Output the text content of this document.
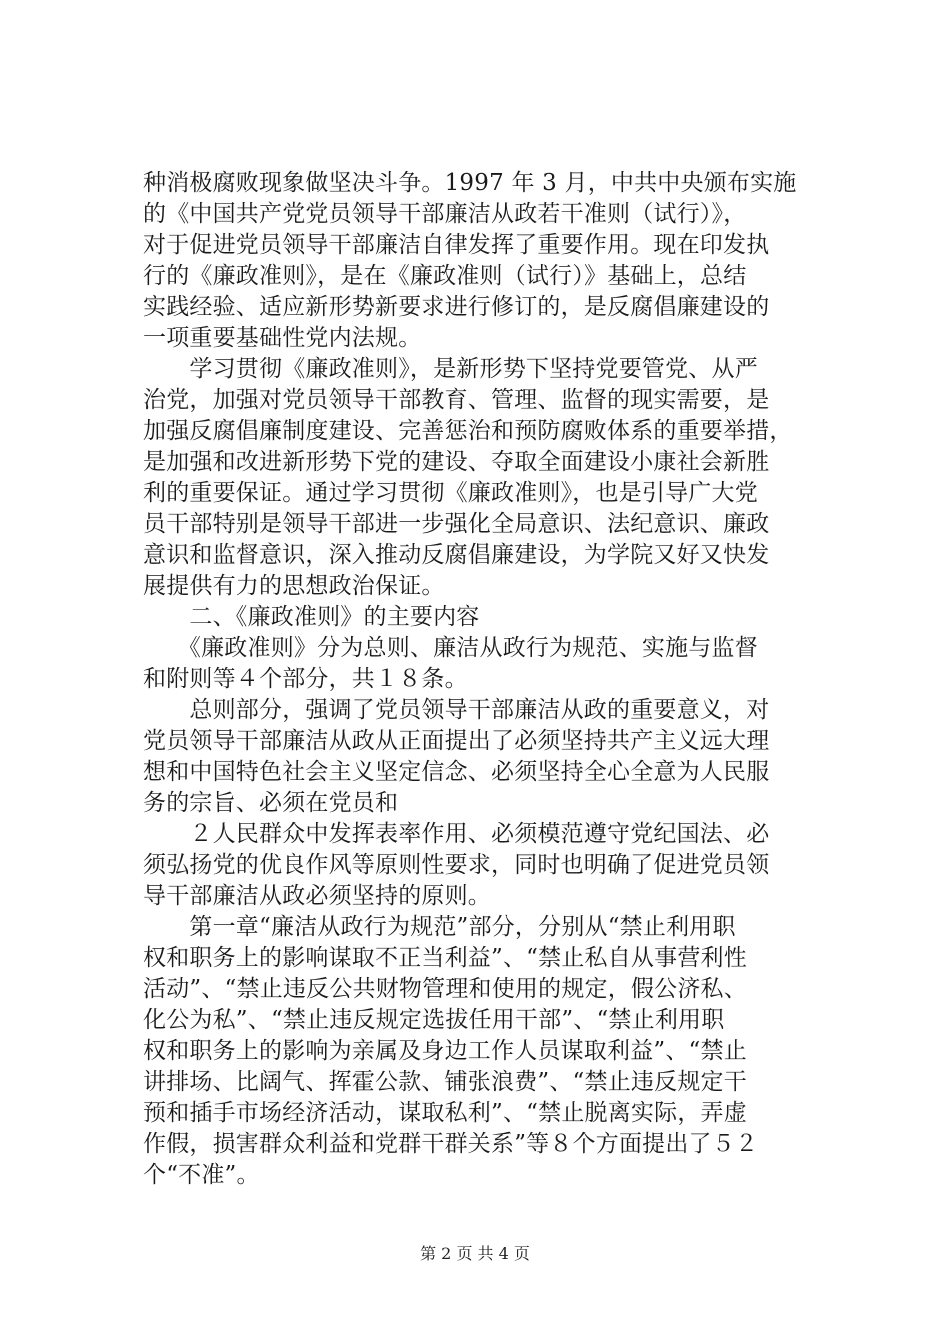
种消极腐败现象做坚决斗争。1997 年 3 月，中共中央颁布实施
的《中国共产党党员领导干部廉洁从政若干准则（试行）》，
对于促进党员领导干部廉洁自律发挥了重要作用。现在印发执
行的《廉政准则》，是在《廉政准则（试行）》基础上，总结
实践经验、适应新形势新要求进行修订的，是反腐倡廉建设的
一项重要基础性党内法规。
　　学习贯彻《廉政准则》，是新形势下坚持党要管党、从严
治党，加强对党员领导干部教育、管理、监督的现实需要，是
加强反腐倡廉制度建设、完善惩治和预防腐败体系的重要举措，
是加强和改进新形势下党的建设、夺取全面建设小康社会新胜
利的重要保证。通过学习贯彻《廉政准则》，也是引导广大党
员干部特别是领导干部进一步强化全局意识、法纪意识、廉政
意识和监督意识，深入推动反腐倡廉建设，为学院又好又快发
展提供有力的思想政治保证。
　　二、《廉政准则》的主要内容
　　《廉政准则》分为总则、廉洁从政行为规范、实施与监督
和附则等４个部分，共１８条。
　　总则部分，强调了党员领导干部廉洁从政的重要意义，对
党员领导干部廉洁从政从正面提出了必须坚持共产主义远大理
想和中国特色社会主义坚定信念、必须坚持全心全意为人民服
务的宗旨、必须在党员和
　　２人民群众中发挥表率作用、必须模范遵守党纪国法、必
须弘扬党的优良作风等原则性要求，同时也明确了促进党员领
导干部廉洁从政必须坚持的原则。
　　第一章“廉洁从政行为规范”部分，分别从“禁止利用职
权和职务上的影响谋取不正当利益”、“禁止私自从事营利性
活动”、“禁止违反公共财物管理和使用的规定，假公济私、
化公为私”、“禁止违反规定选拔任用干部”、“禁止利用职
权和职务上的影响为亲属及身边工作人员谋取利益”、“禁止
讲排场、比阔气、挥霍公款、铺张浪费”、“禁止违反规定干
预和插手市场经济活动，谋取私利”、“禁止脱离实际，弄虚
作假，损害群众利益和党群干群关系”等８个方面提出了５２
个“不准”。
第 2 页 共 4 页
